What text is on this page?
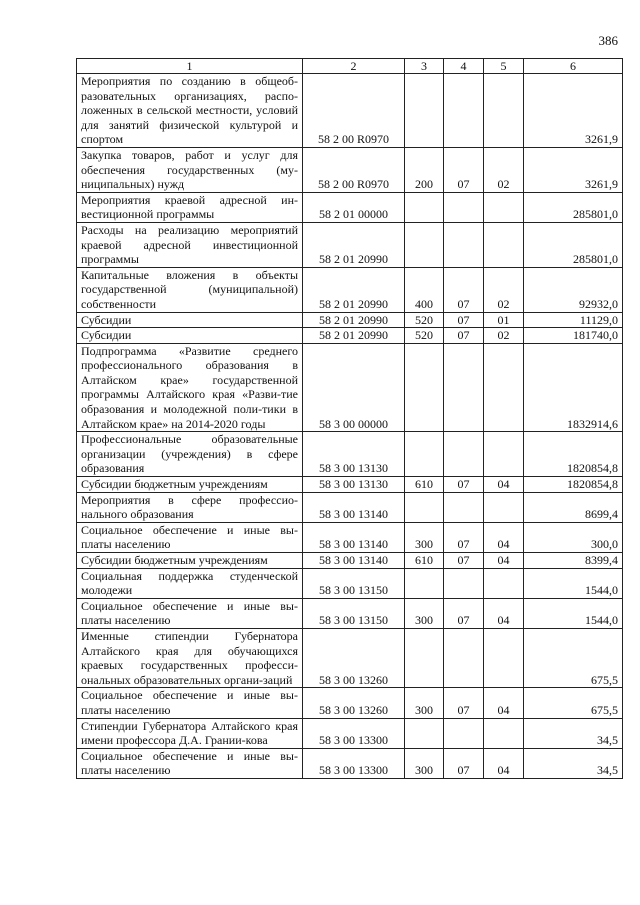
386
1	2	3	4	5	6
Мероприятия по созданию в общеоб-разовательных организациях, распо-ложенных в сельской местности, условий для занятий физической культурой и спортом	58 2 00 R0970				3261,9
Закупка товаров, работ и услуг для обеспечения государственных (му-ниципальных) нужд	58 2 00 R0970	200	07	02	3261,9
Мероприятия краевой адресной ин-вестиционной программы	58 2 01 00000				285801,0
Расходы на реализацию мероприятий краевой адресной инвестиционной программы	58 2 01 20990				285801,0
Капитальные вложения в объекты государственной (муниципальной) собственности	58 2 01 20990	400	07	02	92932,0
Субсидии	58 2 01 20990	520	07	01	11129,0
Субсидии	58 2 01 20990	520	07	02	181740,0
Подпрограмма «Развитие среднего профессионального образования в Алтайском крае» государственной программы Алтайского края «Разви-тие образования и молодежной поли-тики в Алтайском крае» на 2014-2020 годы	58 3 00 00000				1832914,6
Профессиональные образовательные организации (учреждения) в сфере образования	58 3 00 13130				1820854,8
Субсидии бюджетным учреждениям	58 3 00 13130	610	07	04	1820854,8
Мероприятия в сфере профессио-нального образования	58 3 00 13140				8699,4
Социальное обеспечение и иные вы-платы населению	58 3 00 13140	300	07	04	300,0
Субсидии бюджетным учреждениям	58 3 00 13140	610	07	04	8399,4
Социальная поддержка студенческой молодежи	58 3 00 13150				1544,0
Социальное обеспечение и иные вы-платы населению	58 3 00 13150	300	07	04	1544,0
Именные стипендии Губернатора Алтайского края для обучающихся краевых государственных професси-ональных образовательных органи-заций	58 3 00 13260				675,5
Социальное обеспечение и иные вы-платы населению	58 3 00 13260	300	07	04	675,5
Стипендии Губернатора Алтайского края имени профессора Д.А. Грании-кова	58 3 00 13300				34,5
Социальное обеспечение и иные вы-платы населению	58 3 00 13300	300	07	04	34,5
